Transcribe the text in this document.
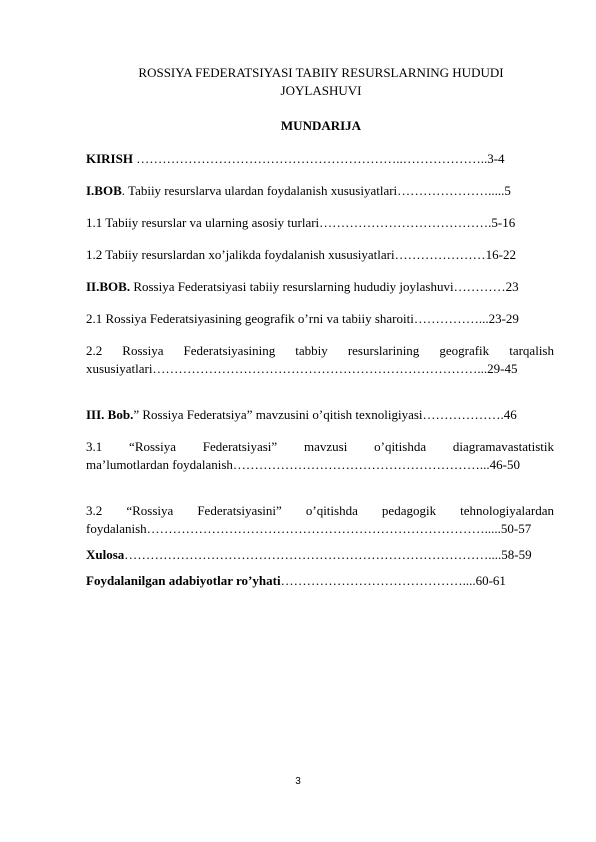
ROSSIYA FEDERATSIYASI TABIIY RESURSLARNING HUDUDI
JOYLASHUVI
MUNDARIJA
KIRISH ……………………………………………………..………………..3-4
I.BOB. Tabiiy resurslarva ulardan foydalanish xususiyatlari………………….....5
1.1 Tabiiy resurslar va ularning asosiy turlari………………………………….5-16
1.2 Tabiiy resurslardan xo’jalikda foydalanish xususiyatlari…………………16-22
II.BOB. Rossiya Federatsiyasi tabiiy resurslarning hududiy joylashuvi…………23
2.1 Rossiya Federatsiyasining geografik o’rni va tabiiy sharoiti……………...23-29
2.2 Rossiya Federatsiyasining tabbiy resurslarining geografik tarqalish
xususiyatlari…………………………………………………………………...29-45
III. Bob.” Rossiya Federatsiya” mavzusini o’qitish texnoligiyasi……………….46
3.1 “Rossiya Federatsiyasi” mavzusi o’qitishda diagramavastatistik
ma’lumotlardan foydalanish…………………………………………………...46-50
3.2 “Rossiya Federatsiyasini” o’qitishda pedagogik tehnologiyalardan
foydalanish…………………………………………………………………….....50-57
Xulosa…………………………………………………………………………....58-59
Foydalanilgan adabiyotlar ro’yhati……………………………………....60-61
3
